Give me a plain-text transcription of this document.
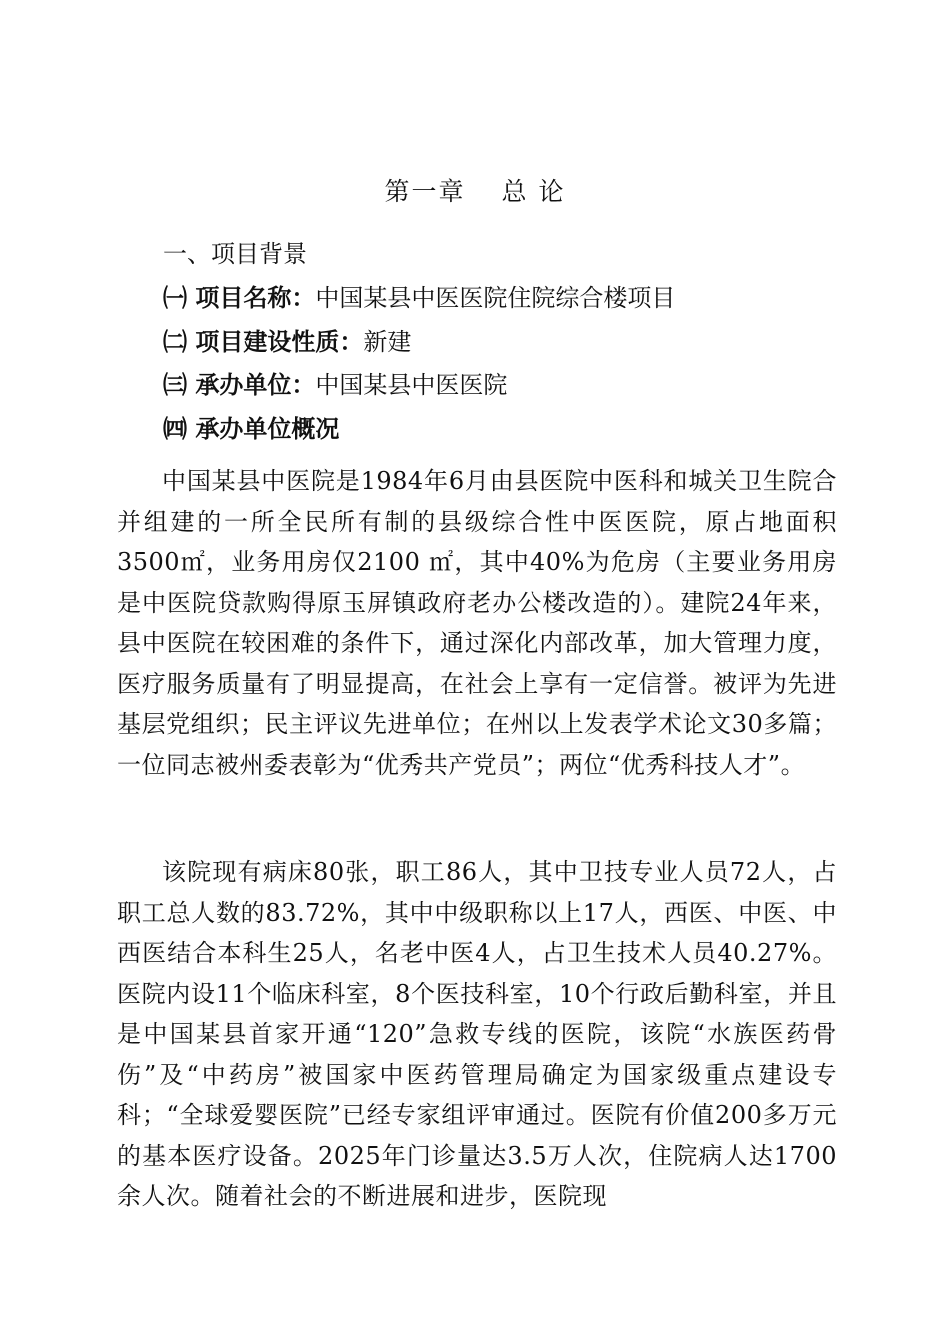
第一章 总 论
一、项目背景
㈠ 项目名称：中国某县中医医院住院综合楼项目
㈡ 项目建设性质：新建
㈢ 承办单位：中国某县中医医院
㈣ 承办单位概况

中国某县中医院是1984年6月由县医院中医科和城关卫生院合并组建的一所全民所有制的县级综合性中医医院，原占地面积3500㎡，业务用房仅2100 ㎡，其中40%为危房（主要业务用房是中医院贷款购得原玉屏镇政府老办公楼改造的）。建院24年来，县中医院在较困难的条件下，通过深化内部改革，加大管理力度，医疗服务质量有了明显提高，在社会上享有一定信誉。被评为先进基层党组织；民主评议先进单位；在州以上发表学术论文30多篇；一位同志被州委表彰为“优秀共产党员”；两位“优秀科技人才”。

该院现有病床80张，职工86人，其中卫技专业人员72人，占职工总人数的83.72%，其中中级职称以上17人，西医、中医、中西医结合本科生25人，名老中医4人，占卫生技术人员40.27%。医院内设11个临床科室，8个医技科室，10个行政后勤科室，并且是中国某县首家开通“120”急救专线的医院，该院“水族医药骨伤”及“中药房”被国家中医药管理局确定为国家级重点建设专科；“全球爱婴医院”已经专家组评审通过。医院有价值200多万元的基本医疗设备。2025年门诊量达3.5万人次，住院病人达1700余人次。随着社会的不断进展和进步，医院现
